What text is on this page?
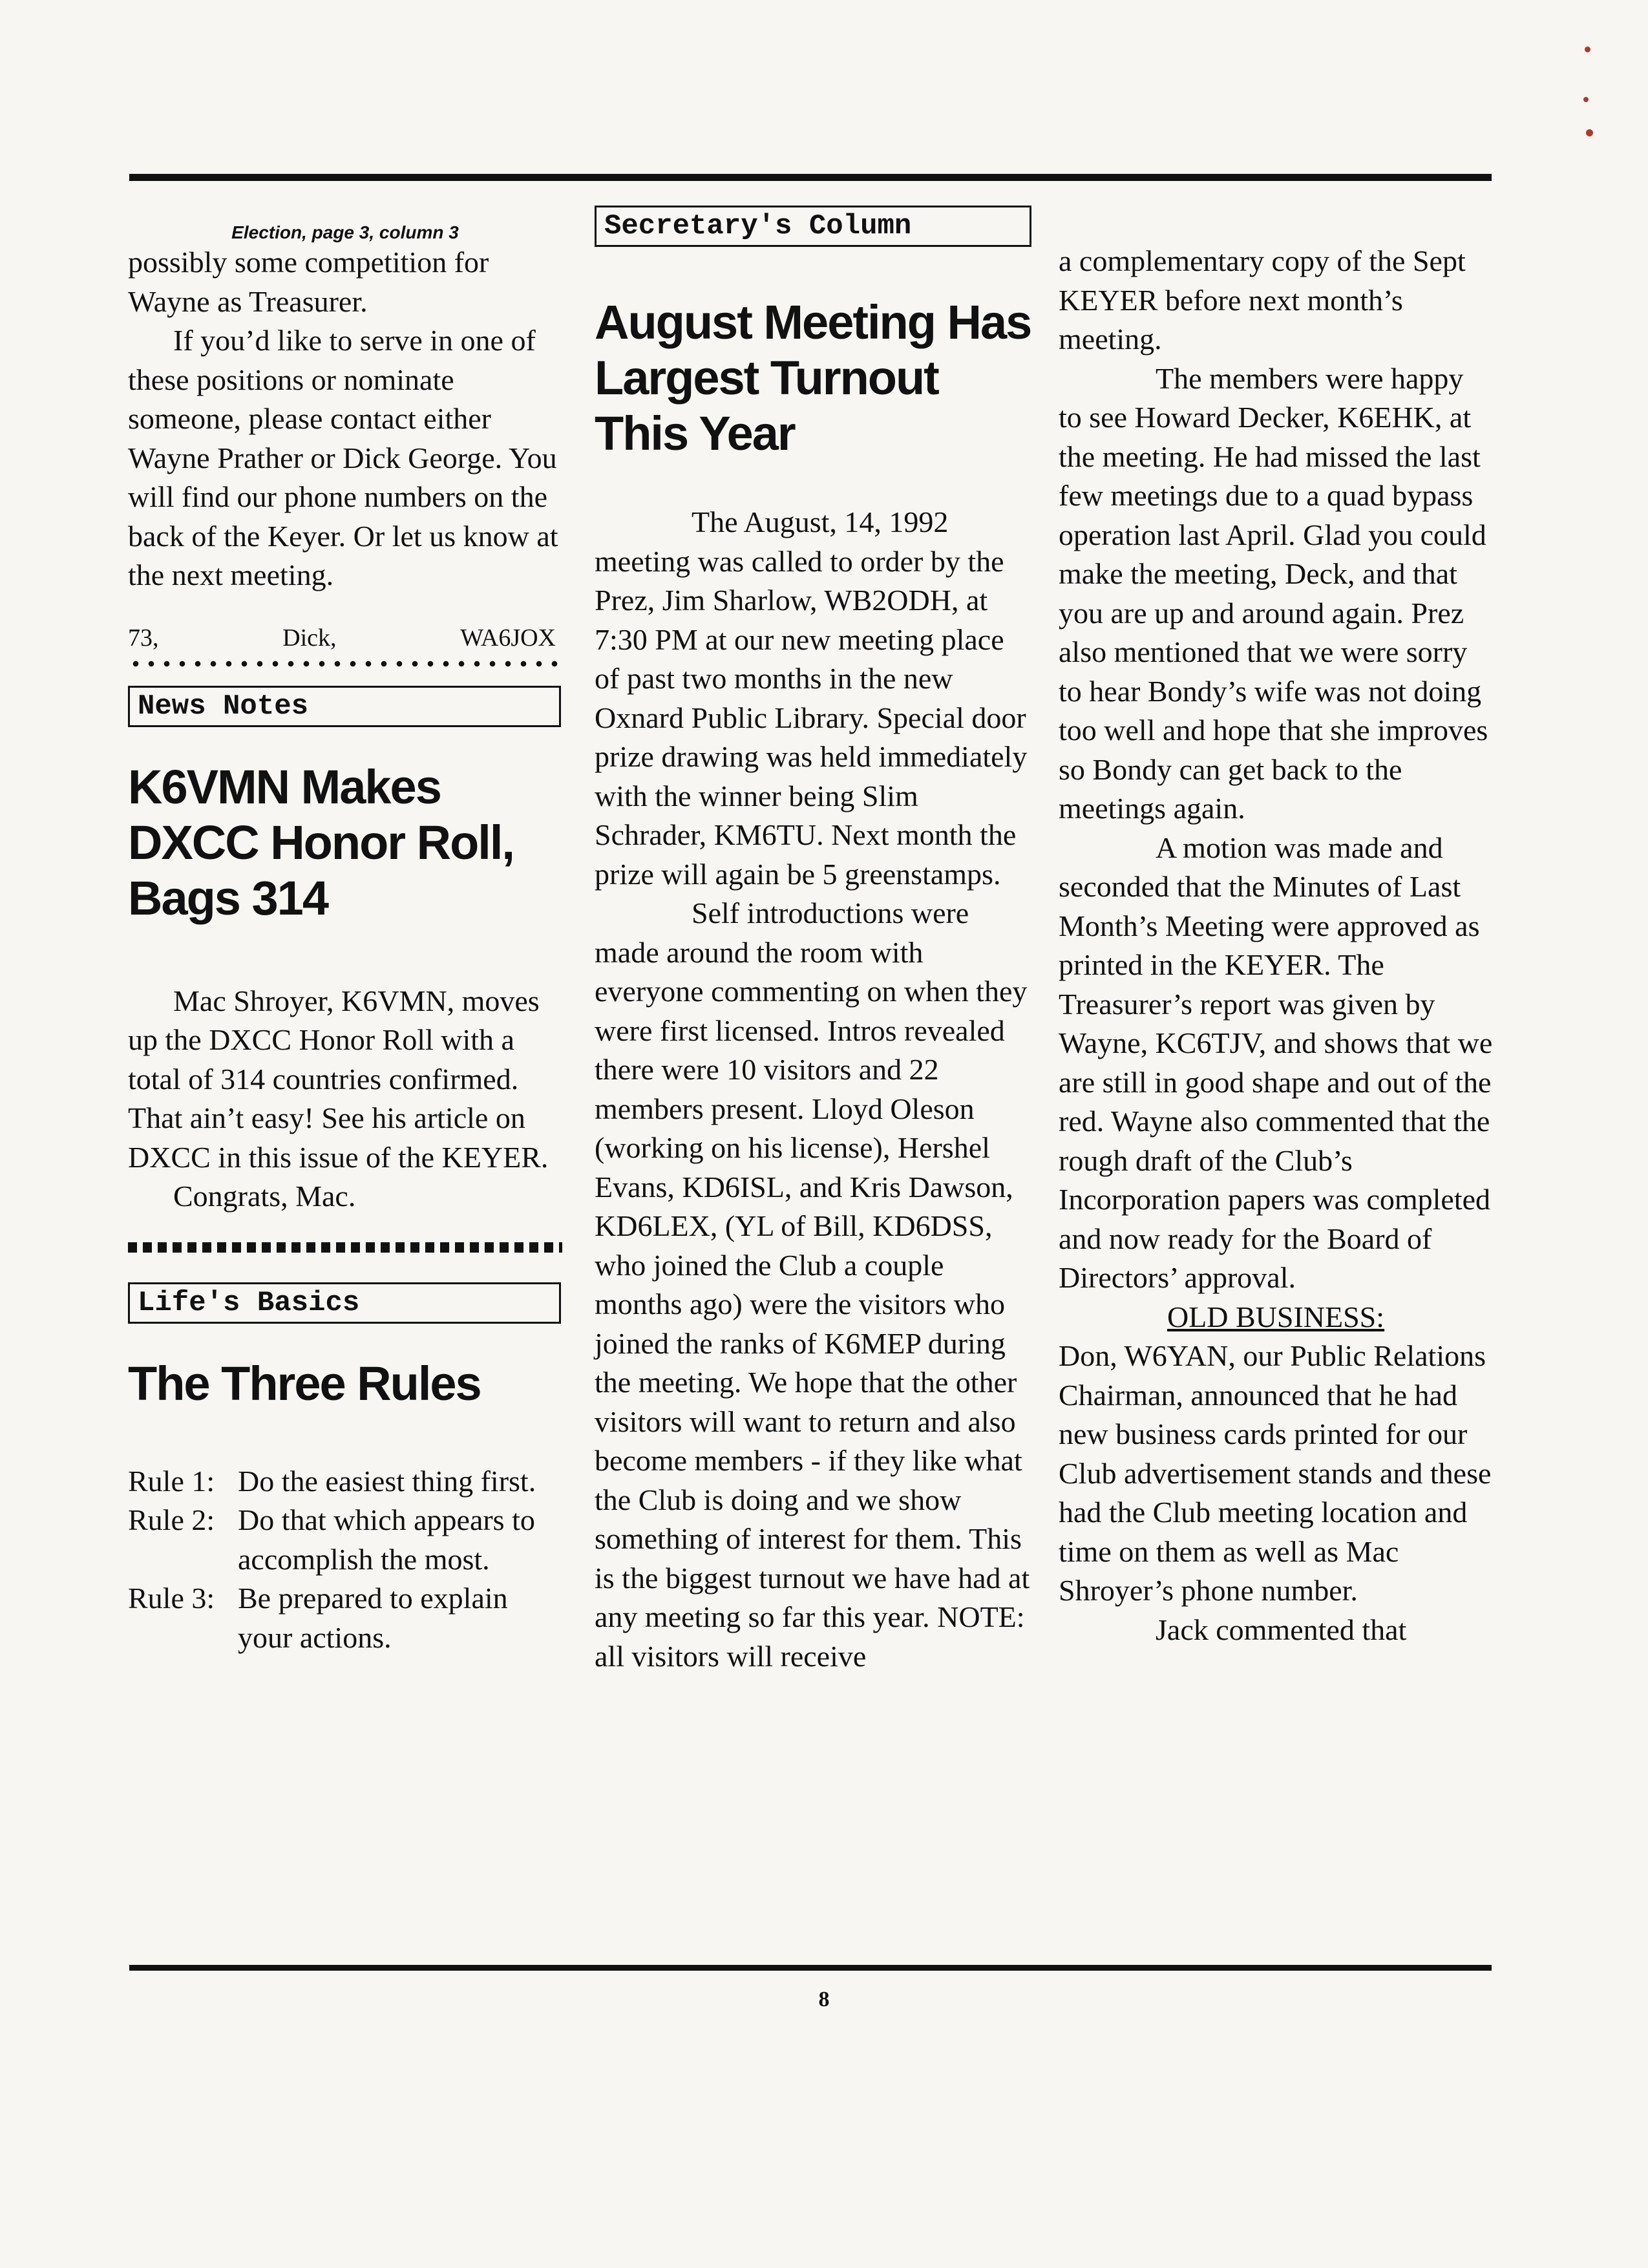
Election, page 3, column 3

possibly some competition for Wayne as Treasurer.

If you’d like to serve in one of these positions or nominate someone, please contact either Wayne Prather or Dick George. You will find our phone numbers on the back of the Keyer. Or let us know at the next meeting.

73,	Dick,	WA6JOX
News Notes
K6VMN Makes DXCC Honor Roll, Bags 314

Mac Shroyer, K6VMN, moves up the DXCC Honor Roll with a total of 314 countries confirmed. That ain’t easy! See his article on DXCC in this issue of the KEYER.

Congrats, Mac.

Life's Basics
The Three Rules
Rule 1: Do the easiest thing first.
Rule 2: Do that which appears to accomplish the most.
Rule 3: Be prepared to explain your actions.
Secretary's Column
August Meeting Has Largest Turnout This Year

The August, 14, 1992 meeting was called to order by the Prez, Jim Sharlow, WB2ODH, at 7:30 PM at our new meeting place of past two months in the new Oxnard Public Library. Special door prize drawing was held immediately with the winner being Slim Schrader, KM6TU. Next month the prize will again be 5 greenstamps.

Self introductions were made around the room with everyone commenting on when they were first licensed. Intros revealed there were 10 visitors and 22 members present. Lloyd Oleson (working on his license), Hershel Evans, KD6ISL, and Kris Dawson, KD6LEX, (YL of Bill, KD6DSS, who joined the Club a couple months ago) were the visitors who joined the ranks of K6MEP during the meeting. We hope that the other visitors will want to return and also become members - if they like what the Club is doing and we show something of interest for them. This is the biggest turnout we have had at any meeting so far this year. NOTE: all visitors will receive

a complementary copy of the Sept KEYER before next month’s meeting.

The members were happy to see Howard Decker, K6EHK, at the meeting. He had missed the last few meetings due to a quad bypass operation last April. Glad you could make the meeting, Deck, and that you are up and around again. Prez also mentioned that we were sorry to hear Bondy’s wife was not doing too well and hope that she improves so Bondy can get back to the meetings again.

A motion was made and seconded that the Minutes of Last Month’s Meeting were approved as printed in the KEYER. The Treasurer’s report was given by Wayne, KC6TJV, and shows that we are still in good shape and out of the red. Wayne also commented that the rough draft of the Club’s Incorporation papers was completed and now ready for the Board of Directors’ approval.

OLD BUSINESS:

Don, W6YAN, our Public Relations Chairman, announced that he had new business cards printed for our Club advertisement stands and these had the Club meeting location and time on them as well as Mac Shroyer’s phone number.

Jack commented that

8
